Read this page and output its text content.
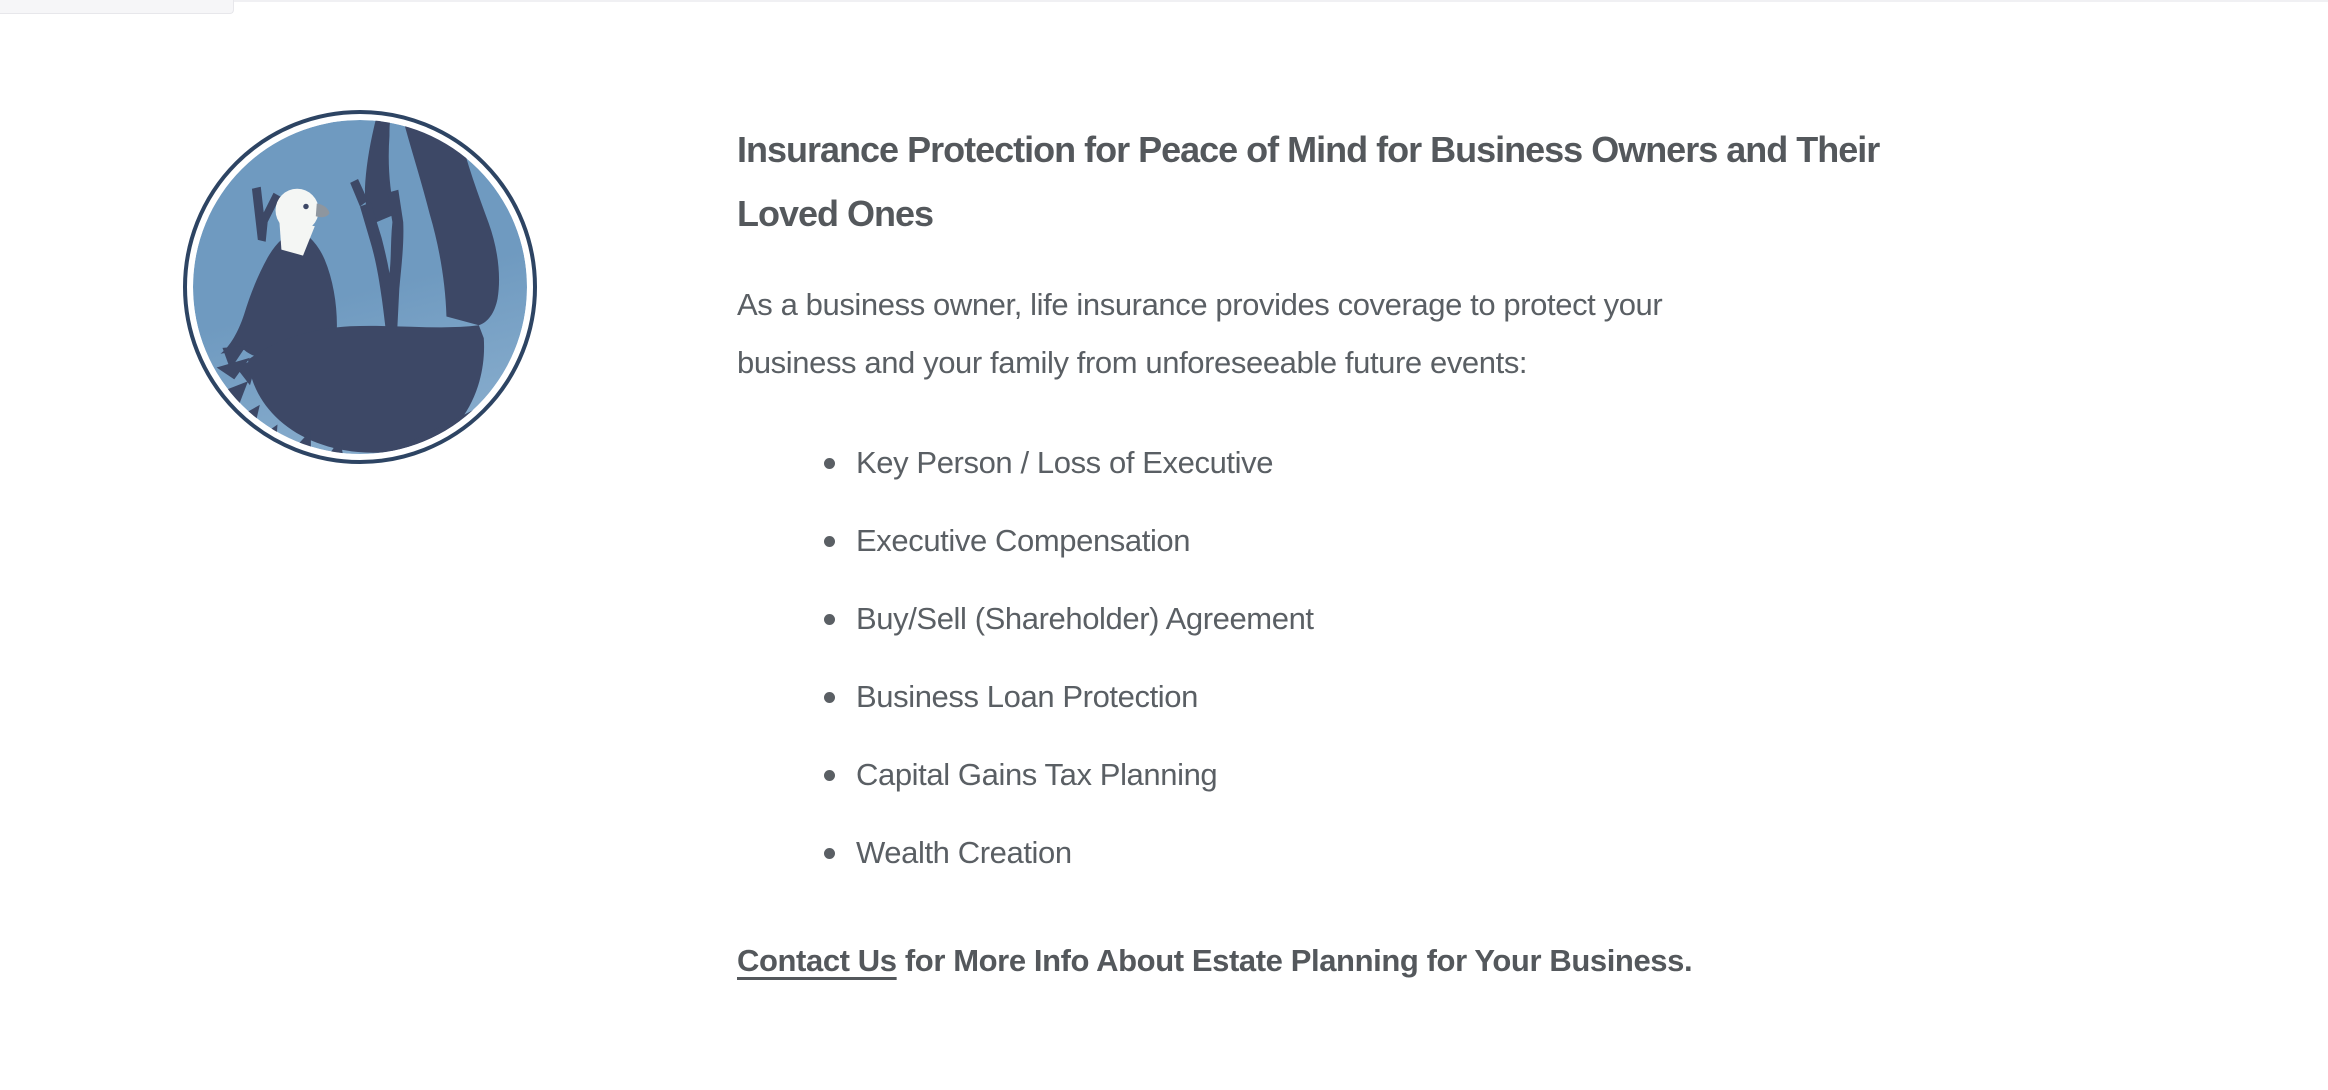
Insurance Protection for Peace of Mind for Business Owners and Their
Loved Ones

As a business owner, life insurance provides coverage to protect your
business and your family from unforeseeable future events:

Key Person / Loss of Executive
Executive Compensation
Buy/Sell (Shareholder) Agreement
Business Loan Protection
Capital Gains Tax Planning
Wealth Creation

Contact Us for More Info About Estate Planning for Your Business.
